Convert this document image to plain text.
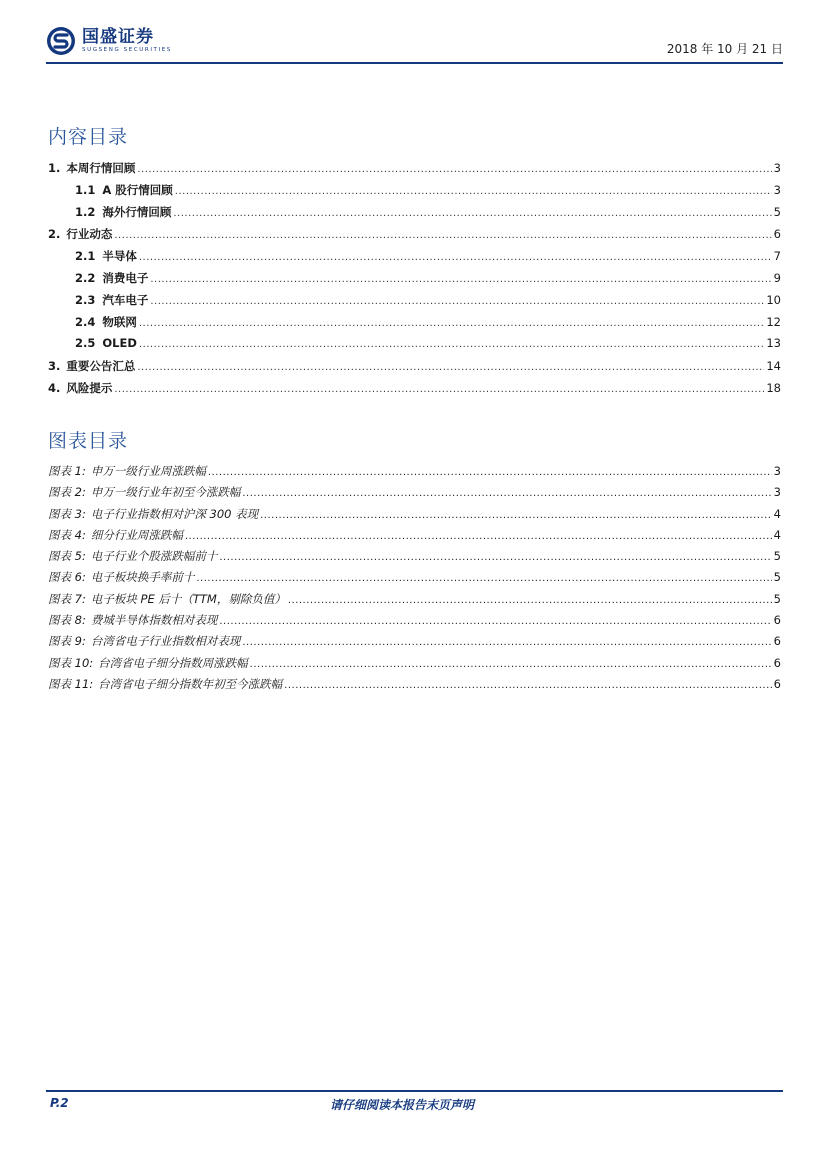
国盛证券
SUGSENG SECURITIES	2018 年 10 月 21 日
内容目录
1. 本周行情回顾 .....	3
1.1 A 股行情回顾 .....	3
1.2 海外行情回顾 .....	5
2. 行业动态 .....	6
2.1 半导体 .....	7
2.2 消费电子 .....	9
2.3 汽车电子 .....	10
2.4 物联网 .....	12
2.5 OLED .....	13
3. 重要公告汇总 .....	14
4. 风险提示 .....	18
图表目录
图表 1: 申万一级行业周涨跌幅 .....	3
图表 2: 申万一级行业年初至今涨跌幅 .....	3
图表 3: 电子行业指数相对沪深 300 表现 .....	4
图表 4: 细分行业周涨跌幅 .....	4
图表 5: 电子行业个股涨跌幅前十 .....	5
图表 6: 电子板块换手率前十 .....	5
图表 7: 电子板块 PE 后十（TTM，剔除负值） .....	5
图表 8: 费城半导体指数相对表现 .....	6
图表 9: 台湾省电子行业指数相对表现 .....	6
图表 10: 台湾省电子细分指数周涨跌幅 .....	6
图表 11: 台湾省电子细分指数年初至今涨跌幅 .....	6
P.2	请仔细阅读本报告末页声明
